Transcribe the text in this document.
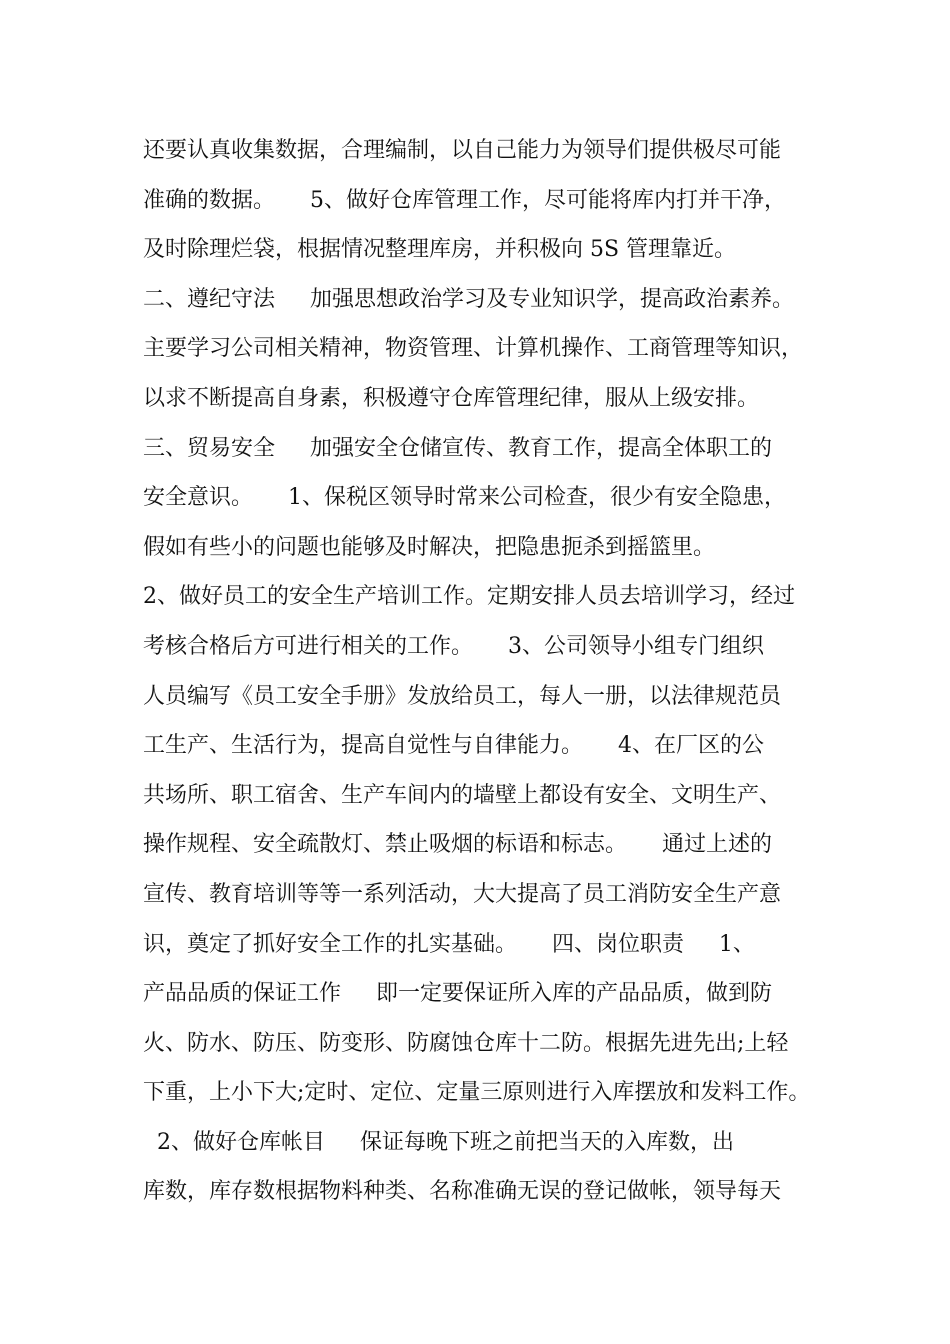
还要认真收集数据，合理编制，以自己能力为领导们提供极尽可能
准确的数据。     5、做好仓库管理工作，尽可能将库内打并干净，
及时除理烂袋，根据情况整理库房，并积极向 5S 管理靠近。
二、遵纪守法     加强思想政治学习及专业知识学，提高政治素养。
主要学习公司相关精神，物资管理、计算机操作、工商管理等知识，
以求不断提高自身素，积极遵守仓库管理纪律，服从上级安排。
三、贸易安全     加强安全仓储宣传、教育工作，提高全体职工的
安全意识。     1、保税区领导时常来公司检查，很少有安全隐患，
假如有些小的问题也能够及时解决，把隐患扼杀到摇篮里。
2、做好员工的安全生产培训工作。定期安排人员去培训学习，经过
考核合格后方可进行相关的工作。     3、公司领导小组专门组织
人员编写《员工安全手册》发放给员工，每人一册，以法律规范员
工生产、生活行为，提高自觉性与自律能力。     4、在厂区的公
共场所、职工宿舍、生产车间内的墙壁上都设有安全、文明生产、
操作规程、安全疏散灯、禁止吸烟的标语和标志。     通过上述的
宣传、教育培训等等一系列活动，大大提高了员工消防安全生产意
识，奠定了抓好安全工作的扎实基础。     四、岗位职责     1、
产品品质的保证工作     即一定要保证所入库的产品品质，做到防
火、防水、防压、防变形、防腐蚀仓库十二防。根据先进先出;上轻
下重，上小下大;定时、定位、定量三原则进行入库摆放和发料工作。
2、做好仓库帐目     保证每晚下班之前把当天的入库数，出
库数，库存数根据物料种类、名称准确无误的登记做帐，领导每天
